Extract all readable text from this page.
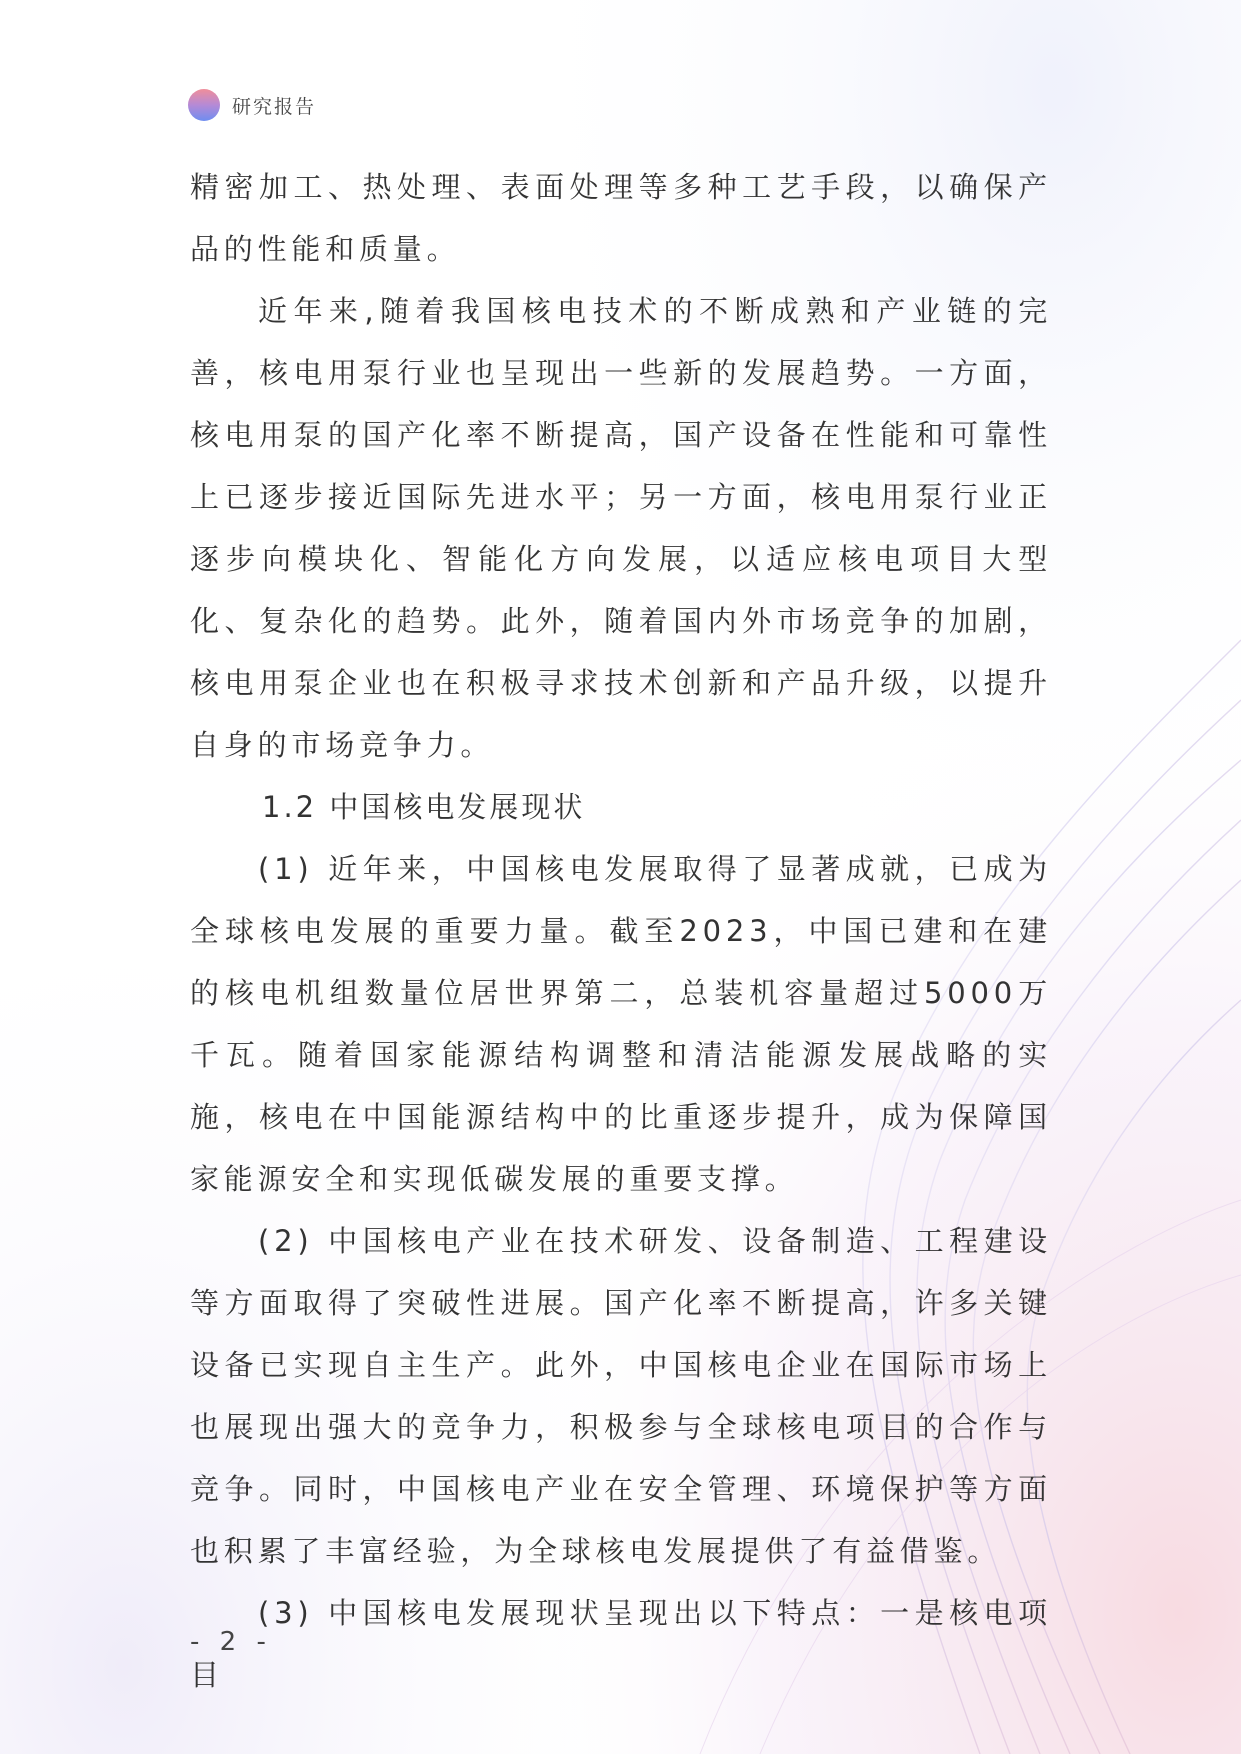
研究报告

精密加工、热处理、表面处理等多种工艺手段，以确保产品的性能和质量。

近年来,随着我国核电技术的不断成熟和产业链的完善，核电用泵行业也呈现出一些新的发展趋势。一方面，核电用泵的国产化率不断提高，国产设备在性能和可靠性上已逐步接近国际先进水平；另一方面，核电用泵行业正逐步向模块化、智能化方向发展，以适应核电项目大型化、复杂化的趋势。此外，随着国内外市场竞争的加剧，核电用泵企业也在积极寻求技术创新和产品升级，以提升自身的市场竞争力。

1.2 中国核电发展现状

(1) 近年来，中国核电发展取得了显著成就，已成为全球核电发展的重要力量。截至2023，中国已建和在建的核电机组数量位居世界第二，总装机容量超过5000万千瓦。随着国家能源结构调整和清洁能源发展战略的实施，核电在中国能源结构中的比重逐步提升，成为保障国家能源安全和实现低碳发展的重要支撑。

(2) 中国核电产业在技术研发、设备制造、工程建设等方面取得了突破性进展。国产化率不断提高，许多关键设备已实现自主生产。此外，中国核电企业在国际市场上也展现出强大的竞争力，积极参与全球核电项目的合作与竞争。同时，中国核电产业在安全管理、环境保护等方面也积累了丰富经验，为全球核电发展提供了有益借鉴。

(3) 中国核电发展现状呈现出以下特点：一是核电项目

- 2 -
